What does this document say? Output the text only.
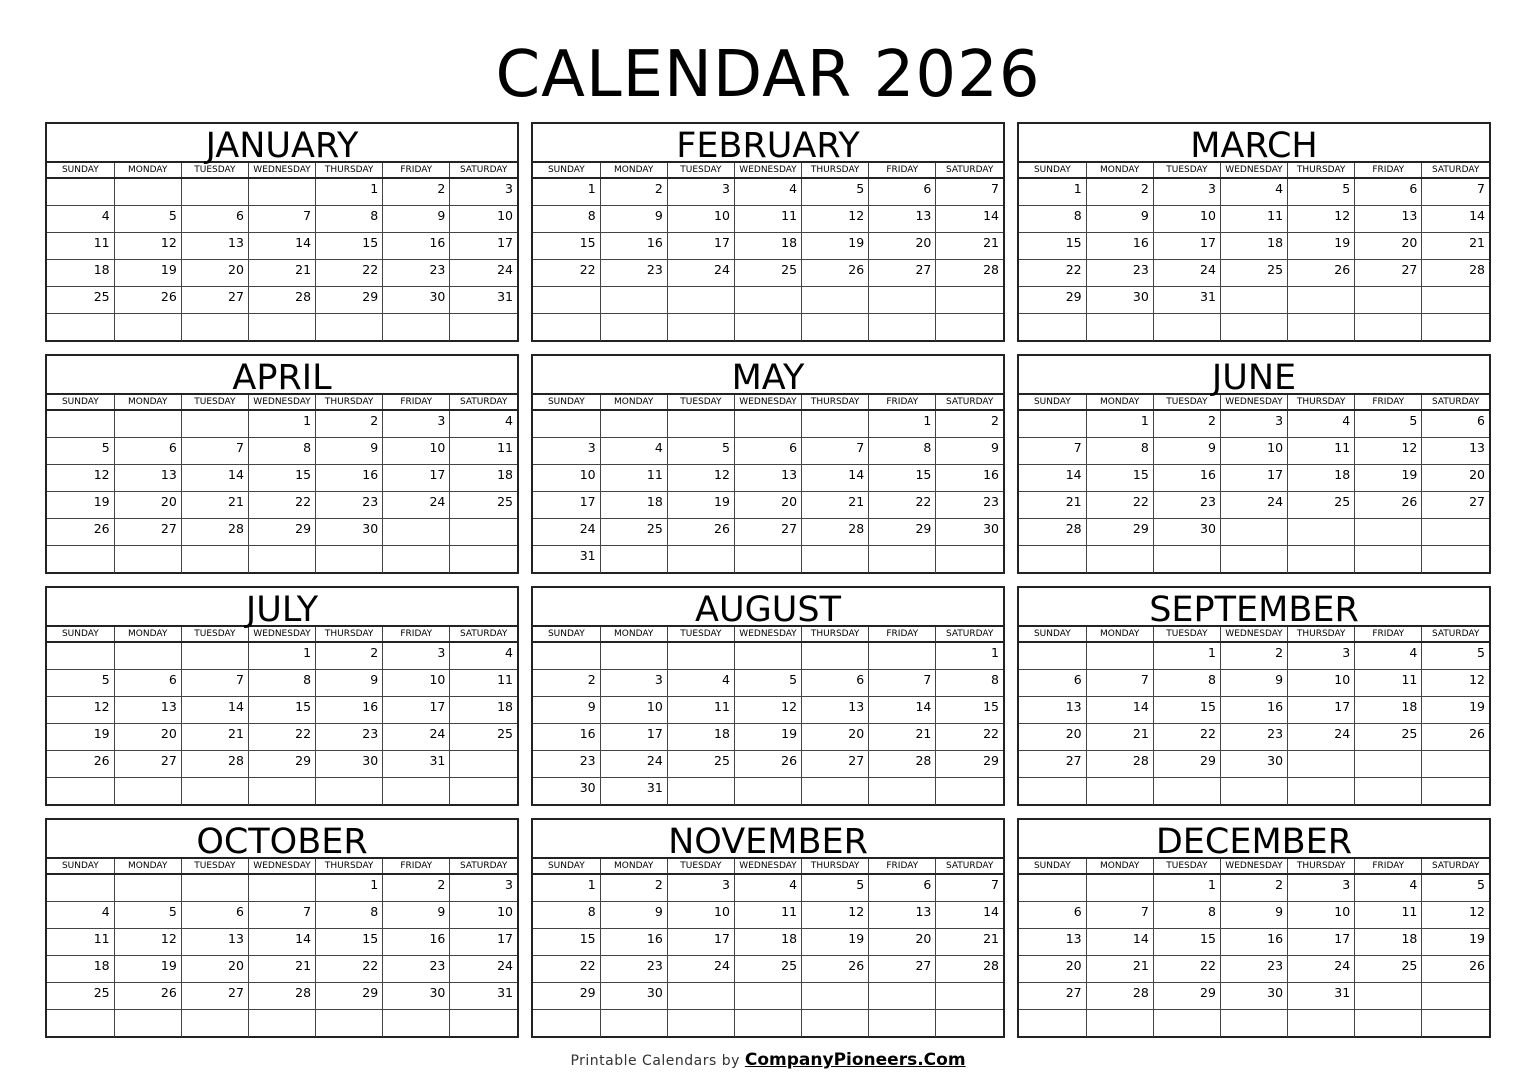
CALENDAR 2026
JANUARY
SUNDAY	MONDAY	TUESDAY	WEDNESDAY	THURSDAY	FRIDAY	SATURDAY
				1	2	3
4	5	6	7	8	9	10
11	12	13	14	15	16	17
18	19	20	21	22	23	24
25	26	27	28	29	30	31

FEBRUARY
SUNDAY	MONDAY	TUESDAY	WEDNESDAY	THURSDAY	FRIDAY	SATURDAY
1	2	3	4	5	6	7
8	9	10	11	12	13	14
15	16	17	18	19	20	21
22	23	24	25	26	27	28

MARCH
SUNDAY	MONDAY	TUESDAY	WEDNESDAY	THURSDAY	FRIDAY	SATURDAY
1	2	3	4	5	6	7
8	9	10	11	12	13	14
15	16	17	18	19	20	21
22	23	24	25	26	27	28
29	30	31				

APRIL
SUNDAY	MONDAY	TUESDAY	WEDNESDAY	THURSDAY	FRIDAY	SATURDAY
			1	2	3	4
5	6	7	8	9	10	11
12	13	14	15	16	17	18
19	20	21	22	23	24	25
26	27	28	29	30		

MAY
SUNDAY	MONDAY	TUESDAY	WEDNESDAY	THURSDAY	FRIDAY	SATURDAY
					1	2
3	4	5	6	7	8	9
10	11	12	13	14	15	16
17	18	19	20	21	22	23
24	25	26	27	28	29	30
31						
JUNE
SUNDAY	MONDAY	TUESDAY	WEDNESDAY	THURSDAY	FRIDAY	SATURDAY
	1	2	3	4	5	6
7	8	9	10	11	12	13
14	15	16	17	18	19	20
21	22	23	24	25	26	27
28	29	30				

JULY
SUNDAY	MONDAY	TUESDAY	WEDNESDAY	THURSDAY	FRIDAY	SATURDAY
			1	2	3	4
5	6	7	8	9	10	11
12	13	14	15	16	17	18
19	20	21	22	23	24	25
26	27	28	29	30	31	

AUGUST
SUNDAY	MONDAY	TUESDAY	WEDNESDAY	THURSDAY	FRIDAY	SATURDAY
						1
2	3	4	5	6	7	8
9	10	11	12	13	14	15
16	17	18	19	20	21	22
23	24	25	26	27	28	29
30	31					
SEPTEMBER
SUNDAY	MONDAY	TUESDAY	WEDNESDAY	THURSDAY	FRIDAY	SATURDAY
		1	2	3	4	5
6	7	8	9	10	11	12
13	14	15	16	17	18	19
20	21	22	23	24	25	26
27	28	29	30			

OCTOBER
SUNDAY	MONDAY	TUESDAY	WEDNESDAY	THURSDAY	FRIDAY	SATURDAY
				1	2	3
4	5	6	7	8	9	10
11	12	13	14	15	16	17
18	19	20	21	22	23	24
25	26	27	28	29	30	31

NOVEMBER
SUNDAY	MONDAY	TUESDAY	WEDNESDAY	THURSDAY	FRIDAY	SATURDAY
1	2	3	4	5	6	7
8	9	10	11	12	13	14
15	16	17	18	19	20	21
22	23	24	25	26	27	28
29	30					

DECEMBER
SUNDAY	MONDAY	TUESDAY	WEDNESDAY	THURSDAY	FRIDAY	SATURDAY
		1	2	3	4	5
6	7	8	9	10	11	12
13	14	15	16	17	18	19
20	21	22	23	24	25	26
27	28	29	30	31		

Printable Calendars by CompanyPioneers.Com
